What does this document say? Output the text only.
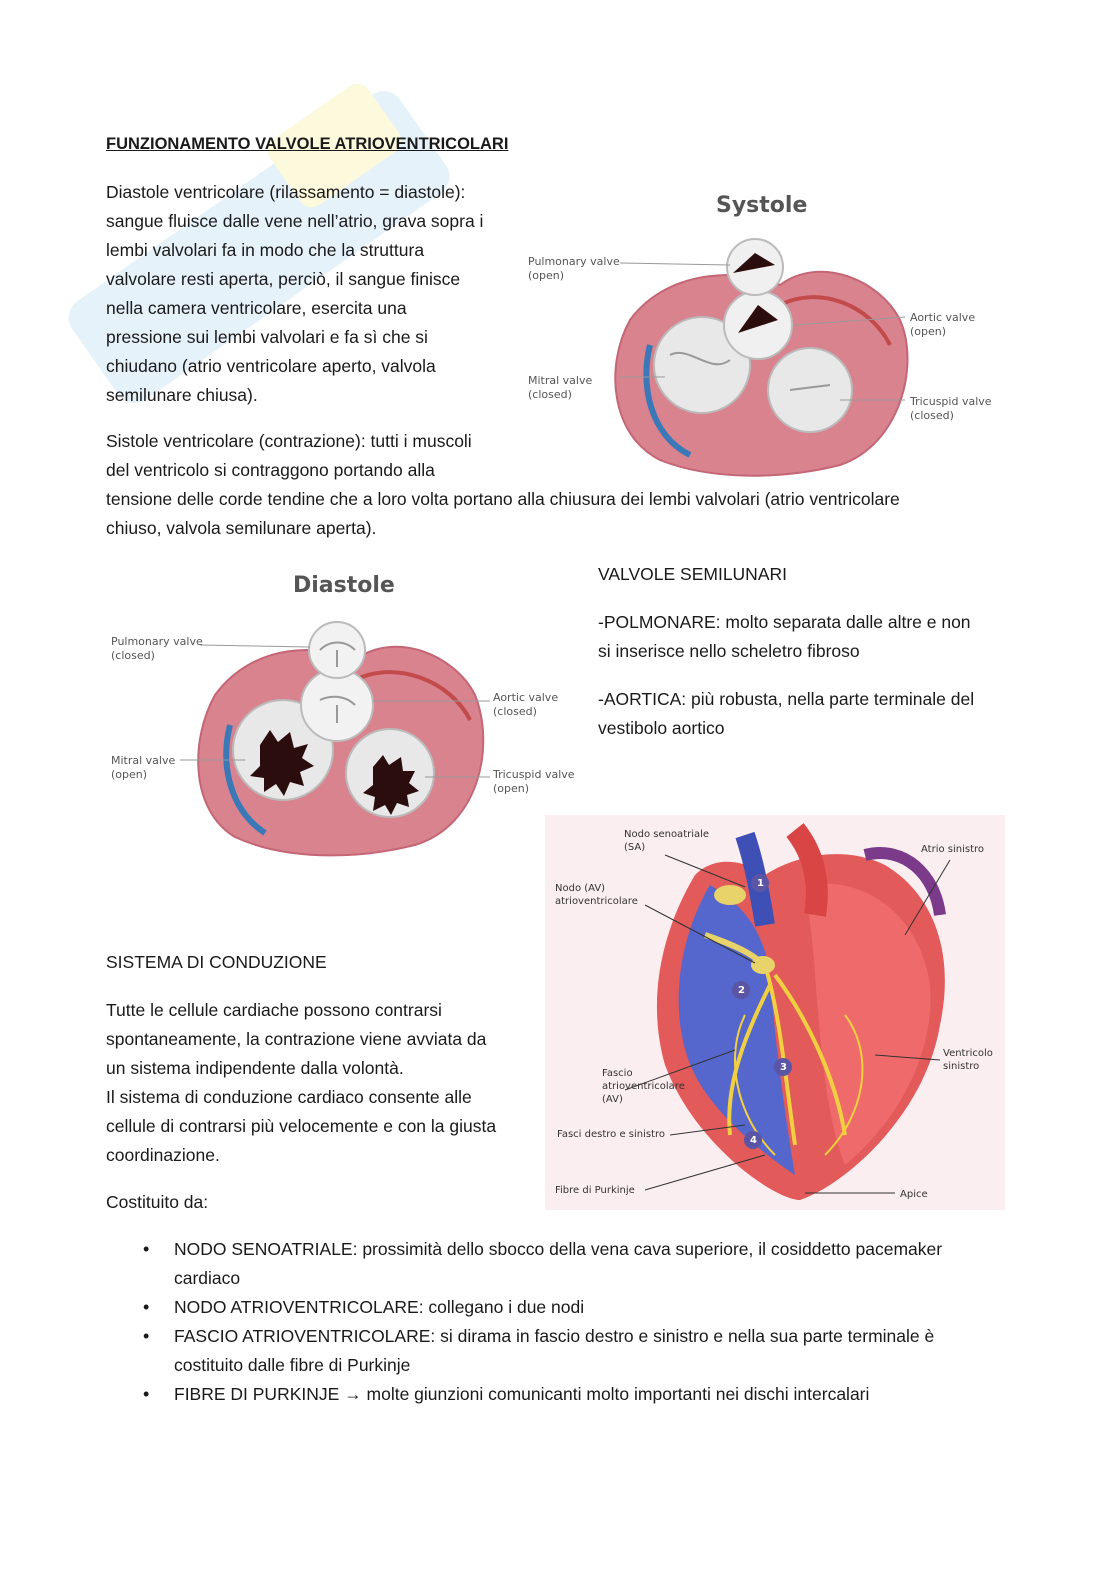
FUNZIONAMENTO VALVOLE ATRIOVENTRICOLARI
Diastole ventricolare (rilassamento = diastole):
sangue fluisce dalle vene nell’atrio, grava sopra i
lembi valvolari fa in modo che la struttura
valvolare resti aperta, perciò, il sangue finisce
nella camera ventricolare, esercita una
pressione sui lembi valvolari e fa sì che si
chiudano (atrio ventricolare aperto, valvola
semilunare chiusa).
Sistole ventricolare (contrazione): tutti i muscoli
del ventricolo si contraggono portando alla
tensione delle corde tendine che a loro volta portano alla chiusura dei lembi valvolari (atrio ventricolare
chiuso, valvola semilunare aperta).
Systole
Pulmonary valve
(open)
Aortic valve
(open)
Mitral valve
(closed)
Tricuspid valve
(closed)
Diastole
Pulmonary valve
(closed)
Aortic valve
(closed)
Mitral valve
(open)	Tricuspid valve
(open)
VALVOLE SEMILUNARI
-POLMONARE: molto separata dalle altre e non
si inserisce nello scheletro fibroso
-AORTICA: più robusta, nella parte terminale del
vestibolo aortico
Nodo senoatriale
(SA)
Nodo (AV)
atrioventricolare
Atrio sinistro
Fascio
atrioventricolare
(AV)
Ventricolo
sinistro
Fasci destro e sinistro
Fibre di Purkinje	Apice
1
2
3
4
SISTEMA DI CONDUZIONE
Tutte le cellule cardiache possono contrarsi
spontaneamente, la contrazione viene avviata da
un sistema indipendente dalla volontà.
Il sistema di conduzione cardiaco consente alle
cellule di contrarsi più velocemente e con la giusta
coordinazione.
Costituito da:
• NODO SENOATRIALE: prossimità dello sbocco della vena cava superiore, il cosiddetto pacemaker
cardiaco
• NODO ATRIOVENTRICOLARE: collegano i due nodi
• FASCIO ATRIOVENTRICOLARE: si dirama in fascio destro e sinistro e nella sua parte terminale è
costituito dalle fibre di Purkinje
• FIBRE DI PURKINJE → molte giunzioni comunicanti molto importanti nei dischi intercalari
